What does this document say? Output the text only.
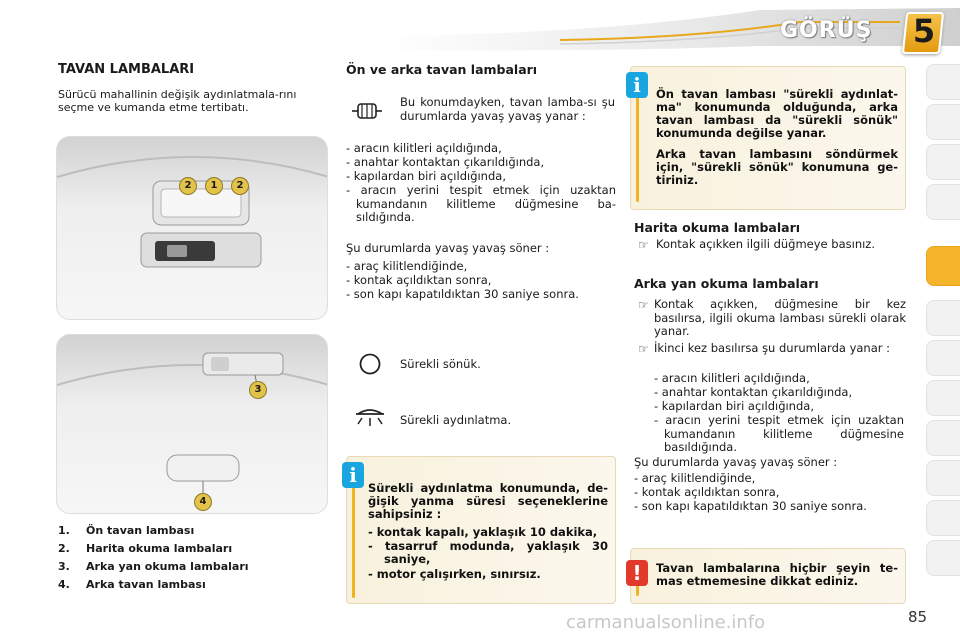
GÖRÜŞ 5
TAVAN LAMBALARI
Sürücü mahallinin değişik aydınlatmala-rını seçme ve kumanda etme tertibatı.
2	1	2
3
4
1. Ön tavan lambası
2. Harita okuma lambaları
3. Arka yan okuma lambaları
4. Arka tavan lambası
Ön ve arka tavan lambaları
Bu konumdayken, tavan lamba-sı şu durumlarda yavaş yavaş yanar :
- aracın kilitleri açıldığında,
- anahtar kontaktan çıkarıldığında,
- kapılardan biri açıldığında,
- aracın yerini tespit etmek için uzaktan kumandanın kilitleme düğmesine ba-sıldığında.
Şu durumlarda yavaş yavaş söner :
- araç kilitlendiğinde,
- kontak açıldıktan sonra,
- son kapı kapatıldıktan 30 saniye sonra.
Sürekli sönük.
Sürekli aydınlatma.
i
Sürekli aydınlatma konumunda, de-ğişik yanma süresi seçeneklerine sahipsiniz :
- kontak kapalı, yaklaşık 10 dakika,
- tasarruf modunda, yaklaşık 30 saniye,
- motor çalışırken, sınırsız.
i	Ön tavan lambası "sürekli aydınlat-ma" konumunda olduğunda, arka tavan lambası da "sürekli sönük" konumunda değilse yanar.
Arka tavan lambasını söndürmek için, "sürekli sönük" konumuna ge-tiriniz.
Harita okuma lambaları
☞ Kontak açıkken ilgili düğmeye basınız.
Arka yan okuma lambaları
☞ Kontak açıkken, düğmesine bir kez basılırsa, ilgili okuma lambası sürekli olarak yanar.
☞ İkinci kez basılırsa şu durumlarda yanar :
- aracın kilitleri açıldığında,
- anahtar kontaktan çıkarıldığında,
- kapılardan biri açıldığında,
- aracın yerini tespit etmek için uzaktan kumandanın kilitleme düğmesine basıldığında.
Şu durumlarda yavaş yavaş söner :
- araç kilitlendiğinde,
- kontak açıldıktan sonra,
- son kapı kapatıldıktan 30 saniye sonra.
!	Tavan lambalarına hiçbir şeyin te-mas etmemesine dikkat ediniz.
carmanualsonline.info	85
